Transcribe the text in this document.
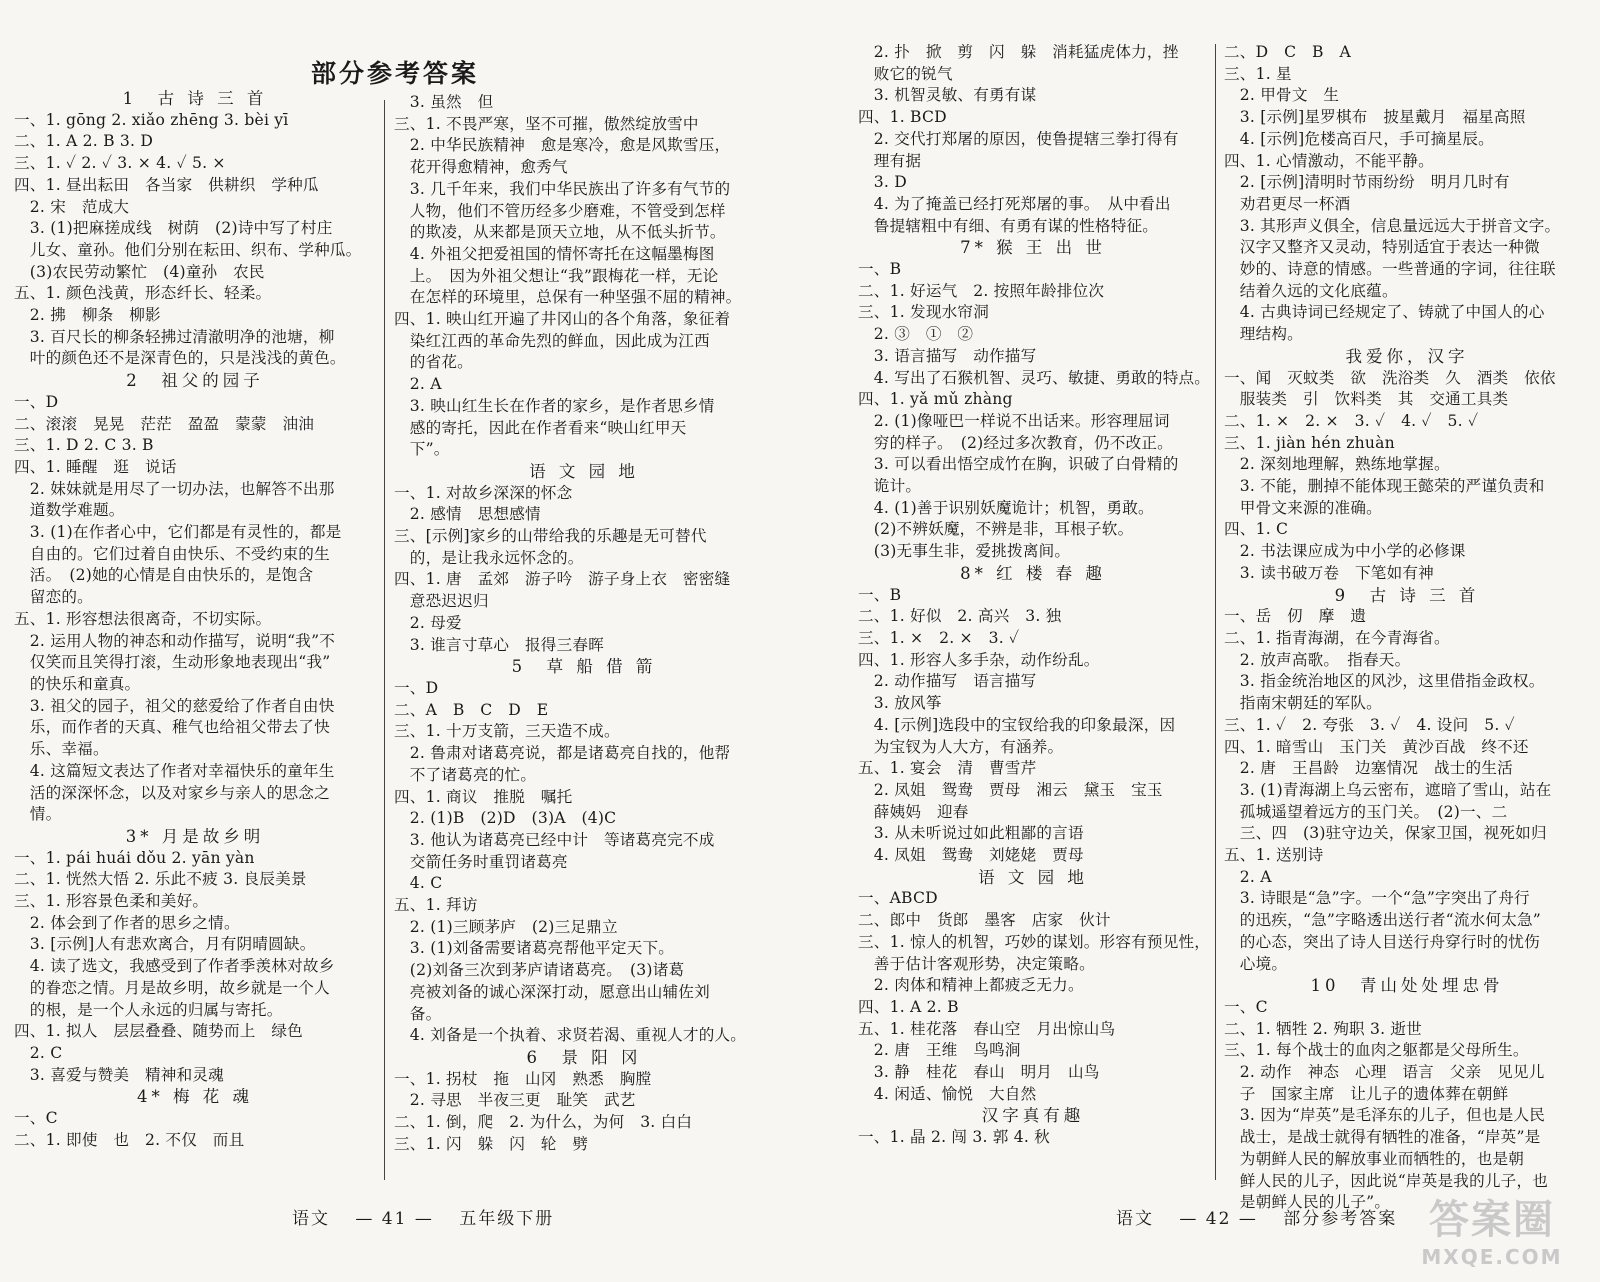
部分参考答案
1　古 诗 三 首
一、1. gōng 2. xiǎo zhēng 3. bèi yī
二、1. A 2. B 3. D
三、1. ✓ 2. ✓ 3. × 4. ✓ 5. ×
四、1. 昼出耘田　各当家　供耕织　学种瓜
　2. 宋　范成大
　3. (1)把麻搓成线　树荫　(2)诗中写了村庄
　儿女、童孙。他们分别在耘田、织布、学种瓜。
　(3)农民劳动繁忙　(4)童孙　农民
五、1. 颜色浅黄，形态纤长、轻柔。
　2. 拂　柳条　柳影
　3. 百尺长的柳条轻拂过清澈明净的池塘，柳
　叶的颜色还不是深青色的，只是浅浅的黄色。
2　祖父的园子
一、D
二、滚滚　晃晃　茫茫　盈盈　蒙蒙　油油
三、1. D 2. C 3. B
四、1. 睡醒　逛　说话
　2. 妹妹就是用尽了一切办法，也解答不出那
　道数学难题。
　3. (1)在作者心中，它们都是有灵性的，都是
　自由的。它们过着自由快乐、不受约束的生
　活。　(2)她的心情是自由快乐的，是饱含
　留恋的。
五、1. 形容想法很离奇，不切实际。
　2. 运用人物的神态和动作描写，说明“我”不
　仅笑而且笑得打滚，生动形象地表现出“我”
　的快乐和童真。
　3. 祖父的园子，祖父的慈爱给了作者自由快
　乐，而作者的天真、稚气也给祖父带去了快
　乐、幸福。
　4. 这篇短文表达了作者对幸福快乐的童年生
　活的深深怀念，以及对家乡与亲人的思念之
　情。
3* 月是故乡明
一、1. pái huái dǒu 2. yān yàn
二、1. 恍然大悟 2. 乐此不疲 3. 良辰美景
三、1. 形容景色柔和美好。
　2. 体会到了作者的思乡之情。
　3. [示例]人有悲欢离合，月有阴晴圆缺。
　4. 读了选文，我感受到了作者季羡林对故乡
　的眷恋之情。月是故乡明，故乡就是一个人
　的根，是一个人永远的归属与寄托。
四、1. 拟人　层层叠叠、随势而上　绿色
　2. C
　3. 喜爱与赞美　精神和灵魂
4* 梅 花 魂
一、C
二、1. 即使　也　2. 不仅　而且
　3. 虽然　但
三、1. 不畏严寒，坚不可摧，傲然绽放雪中
　2. 中华民族精神　愈是寒冷，愈是风欺雪压，
　花开得愈精神，愈秀气
　3. 几千年来，我们中华民族出了许多有气节的
　人物，他们不管历经多少磨难，不管受到怎样
　的欺凌，从来都是顶天立地，从不低头折节。
　4. 外祖父把爱祖国的情怀寄托在这幅墨梅图
　上。　因为外祖父想让“我”跟梅花一样，无论
　在怎样的环境里，总保有一种坚强不屈的精神。
四、1. 映山红开遍了井冈山的各个角落，象征着
　染红江西的革命先烈的鲜血，因此成为江西
　的省花。
　2. A
　3. 映山红生长在作者的家乡，是作者思乡情
　感的寄托，因此在作者看来“映山红甲天
　下”。
语 文 园 地
一、1. 对故乡深深的怀念
　2. 感情　思想感情
三、[示例]家乡的山带给我的乐趣是无可替代
　的，是让我永远怀念的。
四、1. 唐　孟郊　游子吟　游子身上衣　密密缝
　意恐迟迟归
　2. 母爱
　3. 谁言寸草心　报得三春晖
5　草 船 借 箭
一、D
二、A　B　C　D　E
三、1. 十万支箭，三天造不成。
　2. 鲁肃对诸葛亮说，都是诸葛亮自找的，他帮
　不了诸葛亮的忙。
四、1. 商议　推脱　嘱托
　2. (1)B　(2)D　(3)A　(4)C
　3. 他认为诸葛亮已经中计　等诸葛亮完不成
　交箭任务时重罚诸葛亮
　4. C
五、1. 拜访
　2. (1)三顾茅庐　(2)三足鼎立
　3. (1)刘备需要诸葛亮帮他平定天下。
　(2)刘备三次到茅庐请诸葛亮。　(3)诸葛
　亮被刘备的诚心深深打动，愿意出山辅佐刘
　备。
　4. 刘备是一个执着、求贤若渴、重视人才的人。
6　景 阳 冈
一、1. 拐杖　拖　山冈　熟悉　胸膛
　2. 寻思　半夜三更　耻笑　武艺
二、1. 倒，爬　2. 为什么，为何　3. 白白
三、1. 闪　躲　闪　轮　劈
语文 — 41 — 五年级下册
　2. 扑　掀　剪　闪　躲　消耗猛虎体力，挫
　败它的锐气
　3. 机智灵敏、有勇有谋
四、1. BCD
　2. 交代打郑屠的原因，使鲁提辖三拳打得有
　理有据
　3. D
　4. 为了掩盖已经打死郑屠的事。　从中看出
　鲁提辖粗中有细、有勇有谋的性格特征。
7* 猴 王 出 世
一、B
二、1. 好运气　2. 按照年龄排位次
三、1. 发现水帘洞
　2. ③　①　②
　3. 语言描写　动作描写
　4. 写出了石猴机智、灵巧、敏捷、勇敢的特点。
四、1. yǎ mǔ zhàng
　2. (1)像哑巴一样说不出话来。形容理屈词
　穷的样子。　(2)经过多次教育，仍不改正。
　3. 可以看出悟空成竹在胸，识破了白骨精的
　诡计。
　4. (1)善于识别妖魔诡计；机智，勇敢。
　(2)不辨妖魔，不辨是非，耳根子软。
　(3)无事生非，爱挑拨离间。
8* 红 楼 春 趣
一、B
二、1. 好似　2. 高兴　3. 独
三、1. ×　2. ×　3. ✓
四、1. 形容人多手杂，动作纷乱。
　2. 动作描写　语言描写
　3. 放风筝
　4. [示例]选段中的宝钗给我的印象最深，因
　为宝钗为人大方，有涵养。
五、1. 宴会　清　曹雪芹
　2. 凤姐　鸳鸯　贾母　湘云　黛玉　宝玉
　薛姨妈　迎春
　3. 从未听说过如此粗鄙的言语
　4. 凤姐　鸳鸯　刘姥姥　贾母
语 文 园 地
一、ABCD
二、郎中　货郎　墨客　店家　伙计
三、1. 惊人的机智，巧妙的谋划。形容有预见性，
　善于估计客观形势，决定策略。
　2. 肉体和精神上都疲乏无力。
四、1. A 2. B
五、1. 桂花落　春山空　月出惊山鸟
　2. 唐　王维　鸟鸣涧
　3. 静　桂花　春山　明月　山鸟
　4. 闲适、愉悦　大自然
汉字真有趣
一、1. 晶 2. 闯 3. 郭 4. 秋
二、D　C　B　A
三、1. 星
　2. 甲骨文　生
　3. [示例]星罗棋布　披星戴月　福星高照
　4. [示例]危楼高百尺，手可摘星辰。
四、1. 心情激动，不能平静。
　2. [示例]清明时节雨纷纷　明月几时有
　劝君更尽一杯酒
　3. 其形声义俱全，信息量远远大于拼音文字。
　汉字又整齐又灵动，特别适宜于表达一种微
　妙的、诗意的情感。一些普通的字词，往往联
　结着久远的文化底蕴。
　4. 古典诗词已经规定了、铸就了中国人的心
　理结构。
我爱你，汉字
一、闻　灭蚊类　欲　洗浴类　久　酒类　依依
　服装类　引　饮料类　其　交通工具类
二、1. ×　2. ×　3. ✓　4. ✓　5. ✓
三、1. jiàn hén zhuàn
　2. 深刻地理解，熟练地掌握。
　3. 不能，删掉不能体现王懿荣的严谨负责和
　甲骨文来源的准确。
四、1. C
　2. 书法课应成为中小学的必修课
　3. 读书破万卷　下笔如有神
9　古 诗 三 首
一、岳　仞　摩　遗
二、1. 指青海湖，在今青海省。
　2. 放声高歌。　指春天。
　3. 指金统治地区的风沙，这里借指金政权。
　指南宋朝廷的军队。
三、1. ✓　2. 夸张　3. ✓　4. 设问　5. ✓
四、1. 暗雪山　玉门关　黄沙百战　终不还
　2. 唐　王昌龄　边塞情况　战士的生活
　3. (1)青海湖上乌云密布，遮暗了雪山，站在
　孤城遥望着远方的玉门关。　(2)一、二
　三、四　(3)驻守边关，保家卫国，视死如归
五、1. 送别诗
　2. A
　3. 诗眼是“急”字。一个“急”字突出了舟行
　的迅疾，“急”字略透出送行者“流水何太急”
　的心态，突出了诗人目送行舟穿行时的忧伤
　心境。
10　青山处处埋忠骨
一、C
二、1. 牺牲 2. 殉职 3. 逝世
三、1. 每个战士的血肉之躯都是父母所生。
　2. 动作　神态　心理　语言　父亲　见见儿
　子　国家主席　让儿子的遗体葬在朝鲜
　3. 因为“岸英”是毛泽东的儿子，但也是人民
　战士，是战士就得有牺牲的准备，“岸英”是
　为朝鲜人民的解放事业而牺牲的，也是朝
　鲜人民的儿子，因此说“岸英是我的儿子，也
　是朝鲜人民的儿子”。
语文 — 42 — 部分参考答案 答案圈
MXQE.COM
